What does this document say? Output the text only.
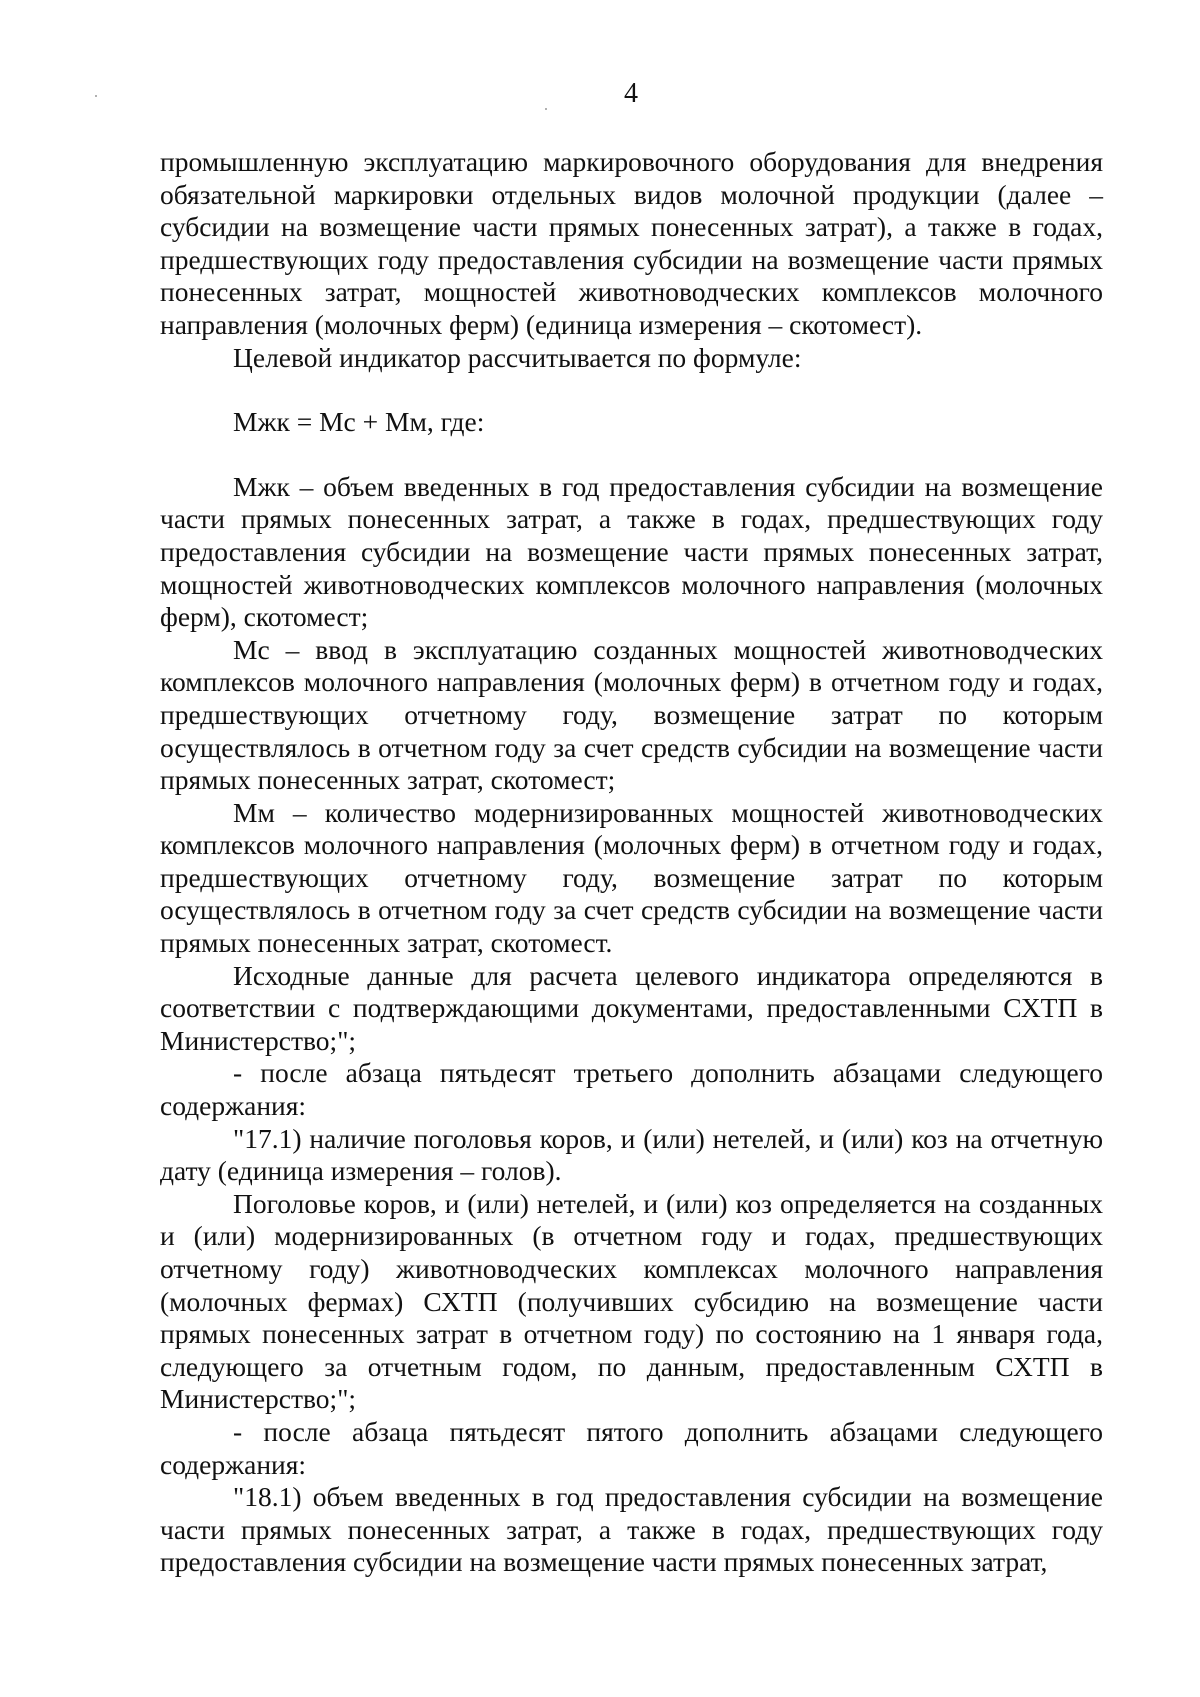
4

промышленную эксплуатацию маркировочного оборудования для внедрения обязательной маркировки отдельных видов молочной продукции (далее – субсидии на возмещение части прямых понесенных затрат), а также в годах, предшествующих году предоставления субсидии на возмещение части прямых понесенных затрат, мощностей животноводческих комплексов молочного направления (молочных ферм) (единица измерения – скотомест).

Целевой индикатор рассчитывается по формуле:

Мжк = Мс + Мм, где:

Мжк – объем введенных в год предоставления субсидии на возмещение части прямых понесенных затрат, а также в годах, предшествующих году предоставления субсидии на возмещение части прямых понесенных затрат, мощностей животноводческих комплексов молочного направления (молочных ферм), скотомест;

Мс – ввод в эксплуатацию созданных мощностей животноводческих комплексов молочного направления (молочных ферм) в отчетном году и годах, предшествующих отчетному году, возмещение затрат по которым осуществлялось в отчетном году за счет средств субсидии на возмещение части прямых понесенных затрат, скотомест;

Мм – количество модернизированных мощностей животноводческих комплексов молочного направления (молочных ферм) в отчетном году и годах, предшествующих отчетному году, возмещение затрат по которым осуществлялось в отчетном году за счет средств субсидии на возмещение части прямых понесенных затрат, скотомест.

Исходные данные для расчета целевого индикатора определяются в соответствии с подтверждающими документами, предоставленными СХТП в Министерство;";

- после абзаца пятьдесят третьего дополнить абзацами следующего содержания:

"17.1) наличие поголовья коров, и (или) нетелей, и (или) коз на отчетную дату (единица измерения – голов).

Поголовье коров, и (или) нетелей, и (или) коз определяется на созданных и (или) модернизированных (в отчетном году и годах, предшествующих отчетному году) животноводческих комплексах молочного направления (молочных фермах) СХТП (получивших субсидию на возмещение части прямых понесенных затрат в отчетном году) по состоянию на 1 января года, следующего за отчетным годом, по данным, предоставленным СХТП в Министерство;";

- после абзаца пятьдесят пятого дополнить абзацами следующего содержания:

"18.1) объем введенных в год предоставления субсидии на возмещение части прямых понесенных затрат, а также в годах, предшествующих году предоставления субсидии на возмещение части прямых понесенных затрат,
